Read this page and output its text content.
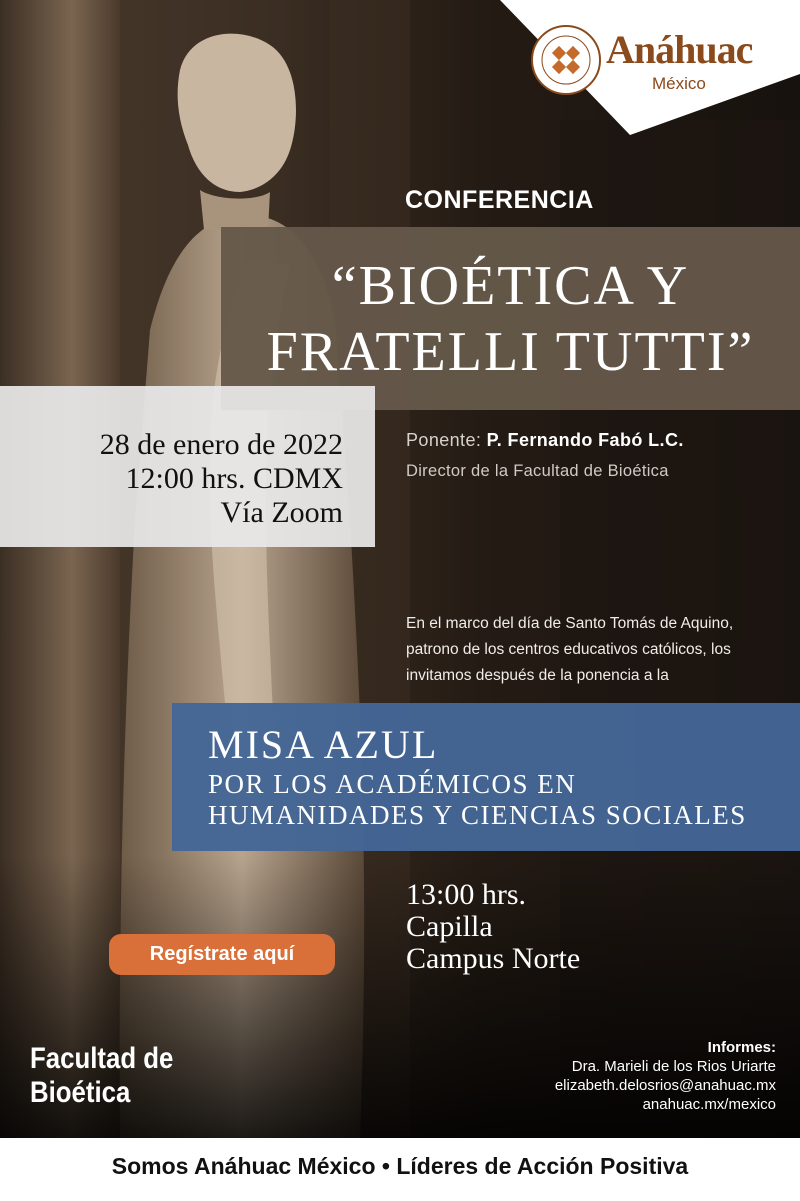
Anáhuac
México
CONFERENCIA
“BIOÉTICA Y
FRATELLI TUTTI”
28 de enero de 2022
12:00 hrs. CDMX
Vía Zoom
Ponente: P. Fernando Fabó L.C.
Director de la Facultad de Bioética
En el marco del día de Santo Tomás de Aquino,
patrono de los centros educativos católicos, los
invitamos después de la ponencia a la
MISA AZUL
POR LOS ACADÉMICOS EN
HUMANIDADES Y CIENCIAS SOCIALES
13:00 hrs.
Capilla
Campus Norte
Regístrate aquí
Facultad de
Bioética
Informes:
Dra. Marieli de los Rios Uriarte
elizabeth.delosrios@anahuac.mx
anahuac.mx/mexico
Somos Anáhuac México • Líderes de Acción Positiva
